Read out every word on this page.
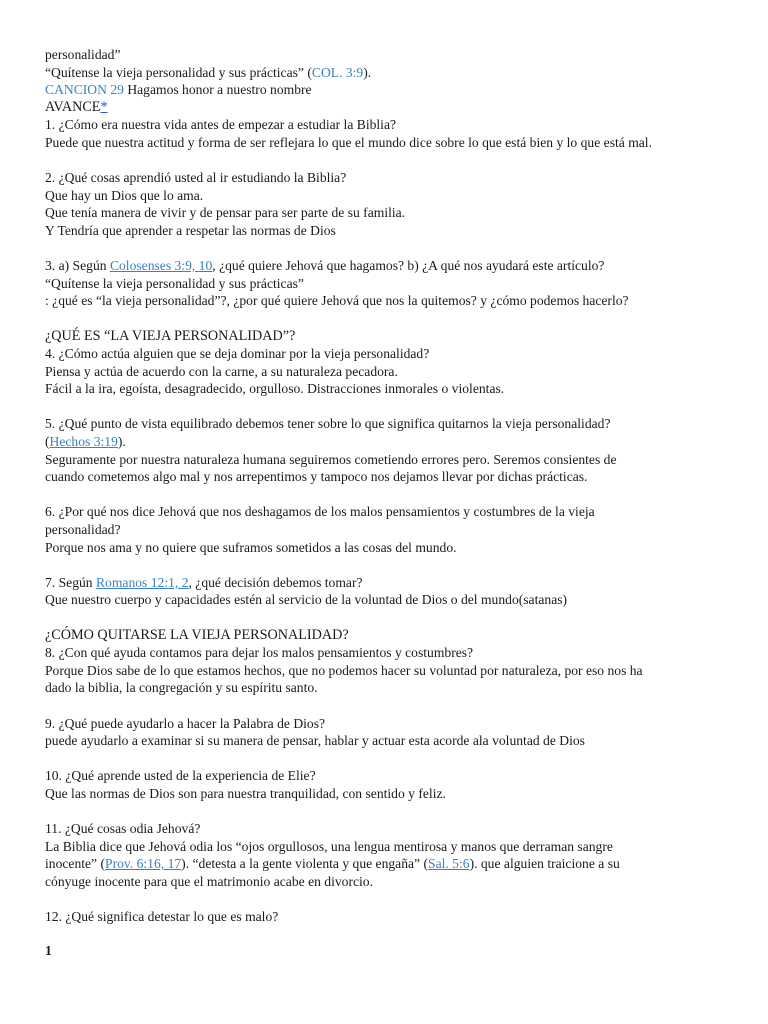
personalidad”
“Quítense la vieja personalidad y sus prácticas” (COL. 3:9).
CANCION 29 Hagamos honor a nuestro nombre
AVANCE*
1. ¿Cómo era nuestra vida antes de empezar a estudiar la Biblia?
Puede que nuestra actitud y forma de ser reflejara lo que el mundo dice sobre lo que está bien y lo que está mal.
2. ¿Qué cosas aprendió usted al ir estudiando la Biblia?
Que hay un Dios que lo ama.
Que tenía manera de vivir y de pensar para ser parte de su familia.
Y Tendría que aprender a respetar las normas de Dios
3. a) Según Colosenses 3:9, 10, ¿qué quiere Jehová que hagamos? b) ¿A qué nos ayudará este artículo?
“Quítense la vieja personalidad y sus prácticas”
: ¿qué es “la vieja personalidad”?, ¿por qué quiere Jehová que nos la quitemos? y ¿cómo podemos hacerlo?
¿QUÉ ES “LA VIEJA PERSONALIDAD”?
4. ¿Cómo actúa alguien que se deja dominar por la vieja personalidad?
Piensa y actúa de acuerdo con la carne, a su naturaleza pecadora.
Fácil a la ira, egoísta, desagradecido, orgulloso. Distracciones inmorales o violentas.
5. ¿Qué punto de vista equilibrado debemos tener sobre lo que significa quitarnos la vieja personalidad?
(Hechos 3:19).
Seguramente por nuestra naturaleza humana seguiremos cometiendo errores pero. Seremos consientes de
cuando cometemos algo mal y nos arrepentimos y tampoco nos dejamos llevar por dichas prácticas.
6. ¿Por qué nos dice Jehová que nos deshagamos de los malos pensamientos y costumbres de la vieja
personalidad?
Porque nos ama y no quiere que suframos sometidos a las cosas del mundo.
7. Según Romanos 12:1, 2, ¿qué decisión debemos tomar?
Que nuestro cuerpo y capacidades estén al servicio de la voluntad de Dios o del mundo(satanas)
¿CÓMO QUITARSE LA VIEJA PERSONALIDAD?
8. ¿Con qué ayuda contamos para dejar los malos pensamientos y costumbres?
Porque Dios sabe de lo que estamos hechos, que no podemos hacer su voluntad por naturaleza, por eso nos ha
dado la biblia, la congregación y su espíritu santo.
9. ¿Qué puede ayudarlo a hacer la Palabra de Dios?
puede ayudarlo a examinar si su manera de pensar, hablar y actuar esta acorde ala voluntad de Dios
10. ¿Qué aprende usted de la experiencia de Elie?
Que las normas de Dios son para nuestra tranquilidad, con sentido y feliz.
11. ¿Qué cosas odia Jehová?
La Biblia dice que Jehová odia los “ojos orgullosos, una lengua mentirosa y manos que derraman sangre
inocente” (Prov. 6:16, 17). “detesta a la gente violenta y que engaña” (Sal. 5:6). que alguien traicione a su
cónyuge inocente para que el matrimonio acabe en divorcio.
12. ¿Qué significa detestar lo que es malo?
1
